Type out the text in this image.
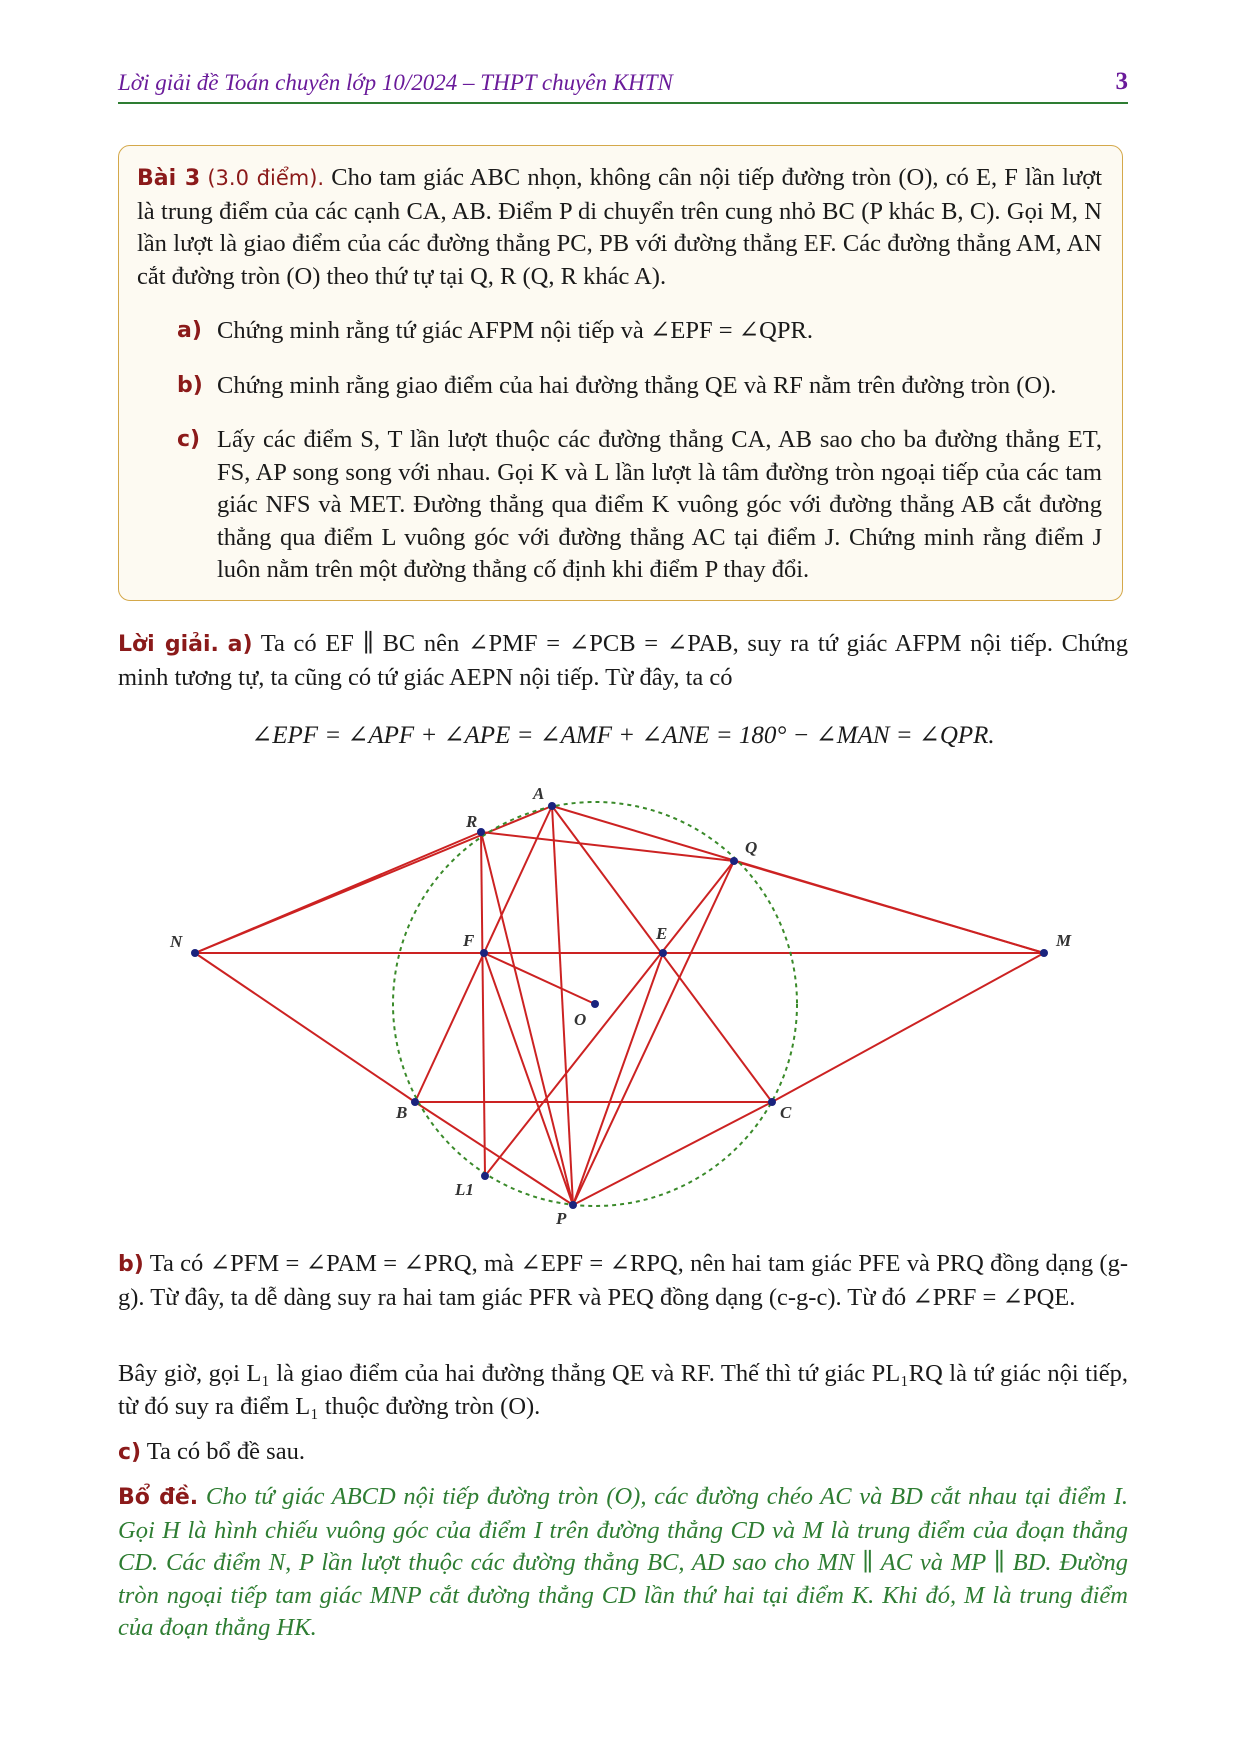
Lời giải đề Toán chuyên lớp 10/2024 – THPT chuyên KHTN	3

Bài 3 (3.0 điểm). Cho tam giác ABC nhọn, không cân nội tiếp đường tròn (O), có E, F lần lượt là trung điểm của các cạnh CA, AB. Điểm P di chuyển trên cung nhỏ BC (P khác B, C). Gọi M, N lần lượt là giao điểm của các đường thẳng PC, PB với đường thẳng EF. Các đường thẳng AM, AN cắt đường tròn (O) theo thứ tự tại Q, R (Q, R khác A).

a) Chứng minh rằng tứ giác AFPM nội tiếp và ∠EPF = ∠QPR.
b) Chứng minh rằng giao điểm của hai đường thẳng QE và RF nằm trên đường tròn (O).
c) Lấy các điểm S, T lần lượt thuộc các đường thẳng CA, AB sao cho ba đường thẳng ET, FS, AP song song với nhau. Gọi K và L lần lượt là tâm đường tròn ngoại tiếp của các tam giác NFS và MET. Đường thẳng qua điểm K vuông góc với đường thẳng AB cắt đường thẳng qua điểm L vuông góc với đường thẳng AC tại điểm J. Chứng minh rằng điểm J luôn nằm trên một đường thẳng cố định khi điểm P thay đổi.

Lời giải. a) Ta có EF ∥ BC nên ∠PMF = ∠PCB = ∠PAB, suy ra tứ giác AFPM nội tiếp. Chứng minh tương tự, ta cũng có tứ giác AEPN nội tiếp. Từ đây, ta có

∠EPF = ∠APF + ∠APE = ∠AMF + ∠ANE = 180° − ∠MAN = ∠QPR.
A
R
Q
N	F	E	M
O
B	C
L1
P

b) Ta có ∠PFM = ∠PAM = ∠PRQ, mà ∠EPF = ∠RPQ, nên hai tam giác PFE và PRQ đồng dạng (g-g). Từ đây, ta dễ dàng suy ra hai tam giác PFR và PEQ đồng dạng (c-g-c). Từ đó ∠PRF = ∠PQE.

Bây giờ, gọi L₁ là giao điểm của hai đường thẳng QE và RF. Thế thì tứ giác PL₁RQ là tứ giác nội tiếp, từ đó suy ra điểm L₁ thuộc đường tròn (O).

c) Ta có bổ đề sau.

Bổ đề. Cho tứ giác ABCD nội tiếp đường tròn (O), các đường chéo AC và BD cắt nhau tại điểm I. Gọi H là hình chiếu vuông góc của điểm I trên đường thẳng CD và M là trung điểm của đoạn thẳng CD. Các điểm N, P lần lượt thuộc các đường thẳng BC, AD sao cho MN ∥ AC và MP ∥ BD. Đường tròn ngoại tiếp tam giác MNP cắt đường thẳng CD lần thứ hai tại điểm K. Khi đó, M là trung điểm của đoạn thẳng HK.
